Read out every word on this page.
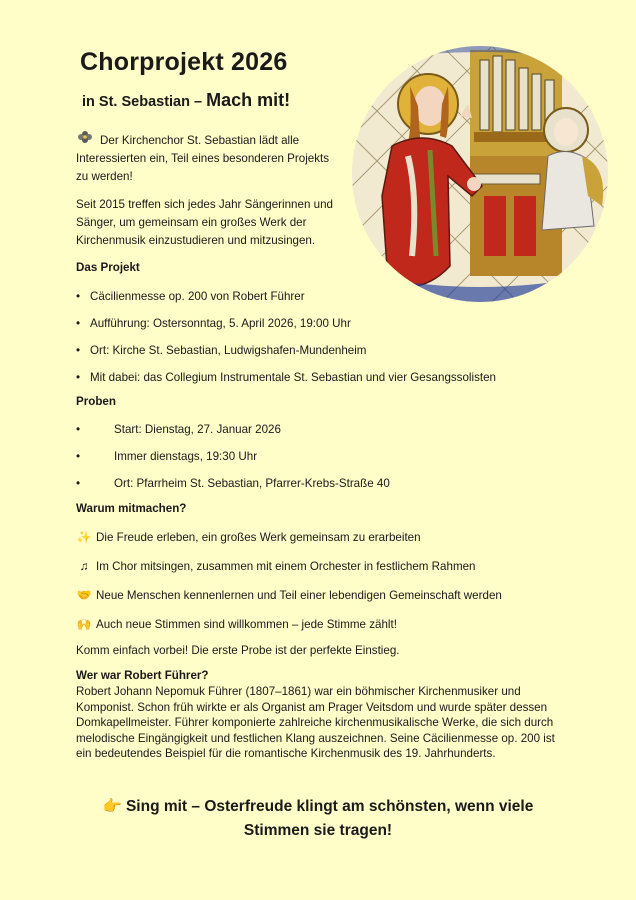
Chorprojekt 2026

in St. Sebastian – Mach mit!

Der Kirchenchor St. Sebastian lädt alle Interessierten ein, Teil eines besonderen Projekts zu werden!

Seit 2015 treffen sich jedes Jahr Sängerinnen und Sänger, um gemeinsam ein großes Werk der Kirchenmusik einzustudieren und mitzusingen.

Das Projekt
• Cäcilienmesse op. 200 von Robert Führer
• Aufführung: Ostersonntag, 5. April 2026, 19:00 Uhr
• Ort: Kirche St. Sebastian, Ludwigshafen-Mundenheim
• Mit dabei: das Collegium Instrumentale St. Sebastian und vier Gesangssolisten
Proben
•	Start: Dienstag, 27. Januar 2026
•	Immer dienstags, 19:30 Uhr
•	Ort: Pfarrheim St. Sebastian, Pfarrer-Krebs-Straße 40
Warum mitmachen?
✨ Die Freude erleben, ein großes Werk gemeinsam zu erarbeiten
♫ Im Chor mitsingen, zusammen mit einem Orchester in festlichem Rahmen
🤝 Neue Menschen kennenlernen und Teil einer lebendigen Gemeinschaft werden
🙌 Auch neue Stimmen sind willkommen – jede Stimme zählt!

Komm einfach vorbei! Die erste Probe ist der perfekte Einstieg.

Wer war Robert Führer?

Robert Johann Nepomuk Führer (1807–1861) war ein böhmischer Kirchenmusiker und Komponist. Schon früh wirkte er als Organist am Prager Veitsdom und wurde später dessen Domkapellmeister. Führer komponierte zahlreiche kirchenmusikalische Werke, die sich durch melodische Eingängigkeit und festlichen Klang auszeichnen. Seine Cäcilienmesse op. 200 ist ein bedeutendes Beispiel für die romantische Kirchenmusik des 19. Jahrhunderts.

👉 Sing mit – Osterfreude klingt am schönsten, wenn viele Stimmen sie tragen!
